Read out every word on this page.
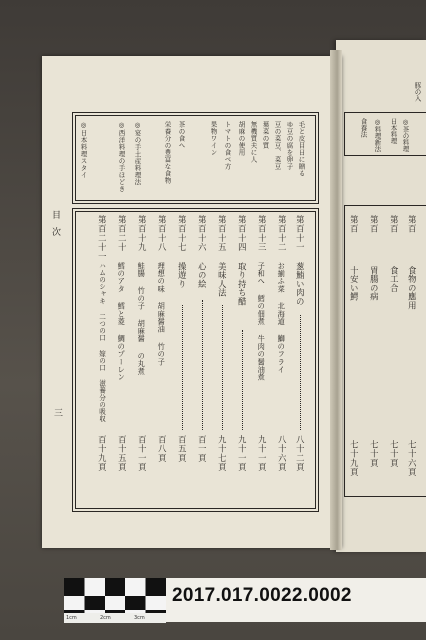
目次
三
毛と皮目日に贈る
ゆ豆の腐を卵子
豆の菜豆、菜豆
葉菜の質
無機質夫に人
胡麻の使用
トマトの食べ方
果物ワイン
茶の食へ
栄養分の豊富な食物
◎宴の手土産料理法
◎西洋料理の手ほどき
◎日本料理スタイ
第百十一
葱鮪い肉の
八十二頁
第百十二
お揃ふ菜 北海道 鰤のフライ
八十六頁
第百十三
子和へ 鱈の佃煮 牛肉の醤油煮
九十一頁
第百十四
取り持ち醋
九十一頁
第百十五
美味人法
九十七頁
第百十六
心の絵
百一頁
第百十七
操遊り
百五頁
第百十八
理想の味 胡麻醤油 竹の子
百八頁
第百十九
鮭腸 竹の子 胡麻醤 の丸煮
百十一頁
第百二十
鱈のアタ 鱈と菱 鯛のプーレン
百十五頁
第百二十一
ハムのシャキ 二つの口 嫁の口 滋養分の吸収
百十九頁
豚の入
◎茶の料理
日本料理
◎料理新法
食養法
第百
食物の應用
七十六頁
第百
食工合
七十頁
第百
胃腸の病
七十頁
第百
十安い鰐
七十九頁
1cm	2cm	3cm
2017.017.0022.0002
